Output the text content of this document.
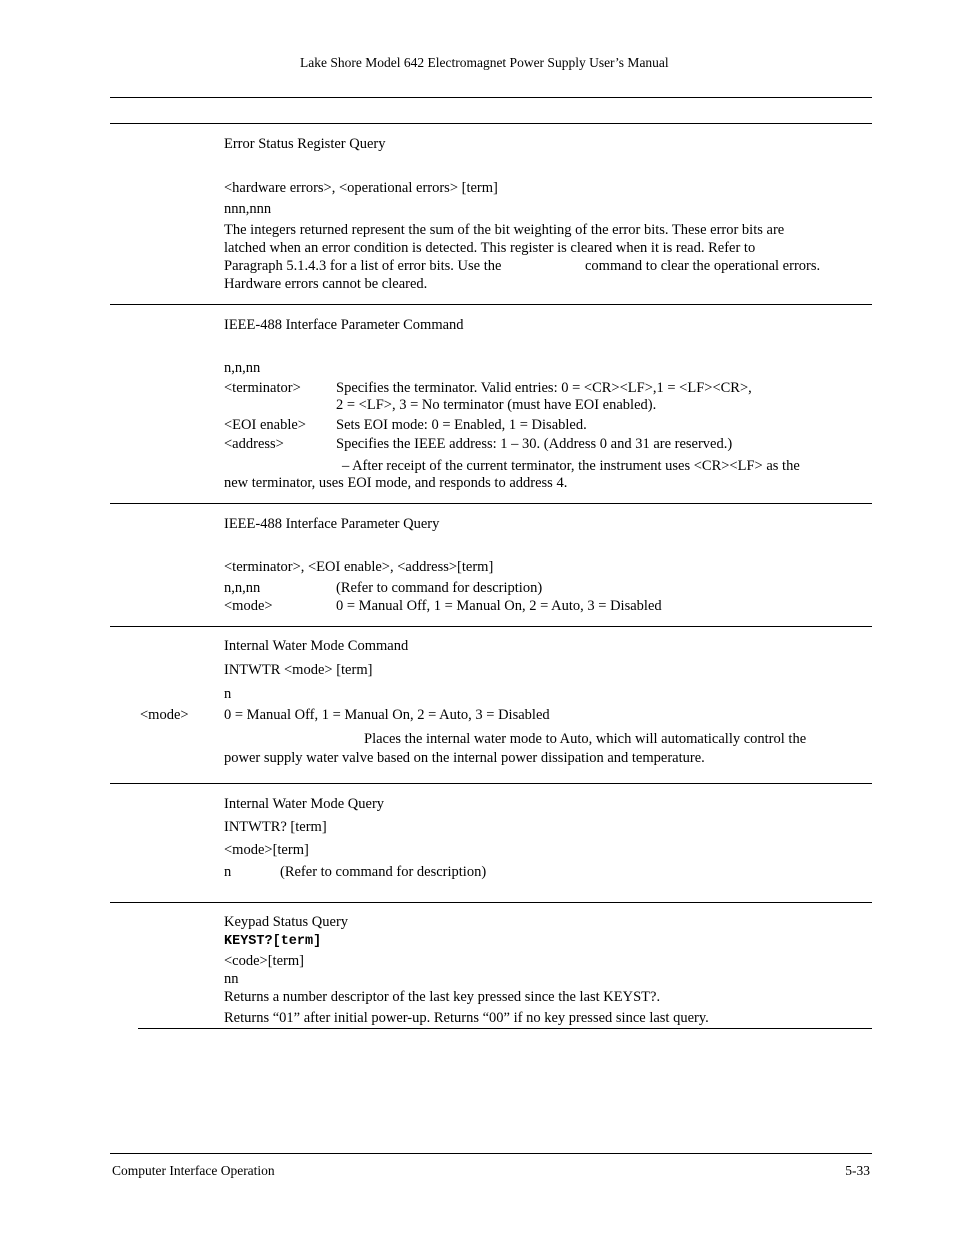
Lake Shore Model 642 Electromagnet Power Supply User’s Manual
Error Status Register Query
<hardware errors>, <operational errors> [term]
nnn,nnn
The integers returned represent the sum of the bit weighting of the error bits. These error bits are
latched when an error condition is detected. This register is cleared when it is read. Refer to
Paragraph 5.1.4.3 for a list of error bits. Use the	command to clear the operational errors.
Hardware errors cannot be cleared.
IEEE-488 Interface Parameter Command
n,n,nn
<terminator> Specifies the terminator. Valid entries: 0 = <CR><LF>,1 = <LF><CR>,
2 = <LF>, 3 = No terminator (must have EOI enabled).
<EOI enable> Sets EOI mode: 0 = Enabled, 1 = Disabled.
<address>	Specifies the IEEE address: 1 – 30. (Address 0 and 31 are reserved.)
– After receipt of the current terminator, the instrument uses <CR><LF> as the
new terminator, uses EOI mode, and responds to address 4.
IEEE-488 Interface Parameter Query
<terminator>, <EOI enable>, <address>[term]
n,n,nn	(Refer to command for description)
<mode>	0 = Manual Off, 1 = Manual On, 2 = Auto, 3 = Disabled
Internal Water Mode Command
INTWTR <mode> [term]
n
<mode> 0 = Manual Off, 1 = Manual On, 2 = Auto, 3 = Disabled
Places the internal water mode to Auto, which will automatically control the
power supply water valve based on the internal power dissipation and temperature.
Internal Water Mode Query
INTWTR? [term]
<mode>[term]
n	(Refer to command for description)
Keypad Status Query
KEYST?[term]
<code>[term]
nn
Returns a number descriptor of the last key pressed since the last KEYST?.
Returns “01” after initial power-up. Returns “00” if no key pressed since last query.
Computer Interface Operation	5-33
